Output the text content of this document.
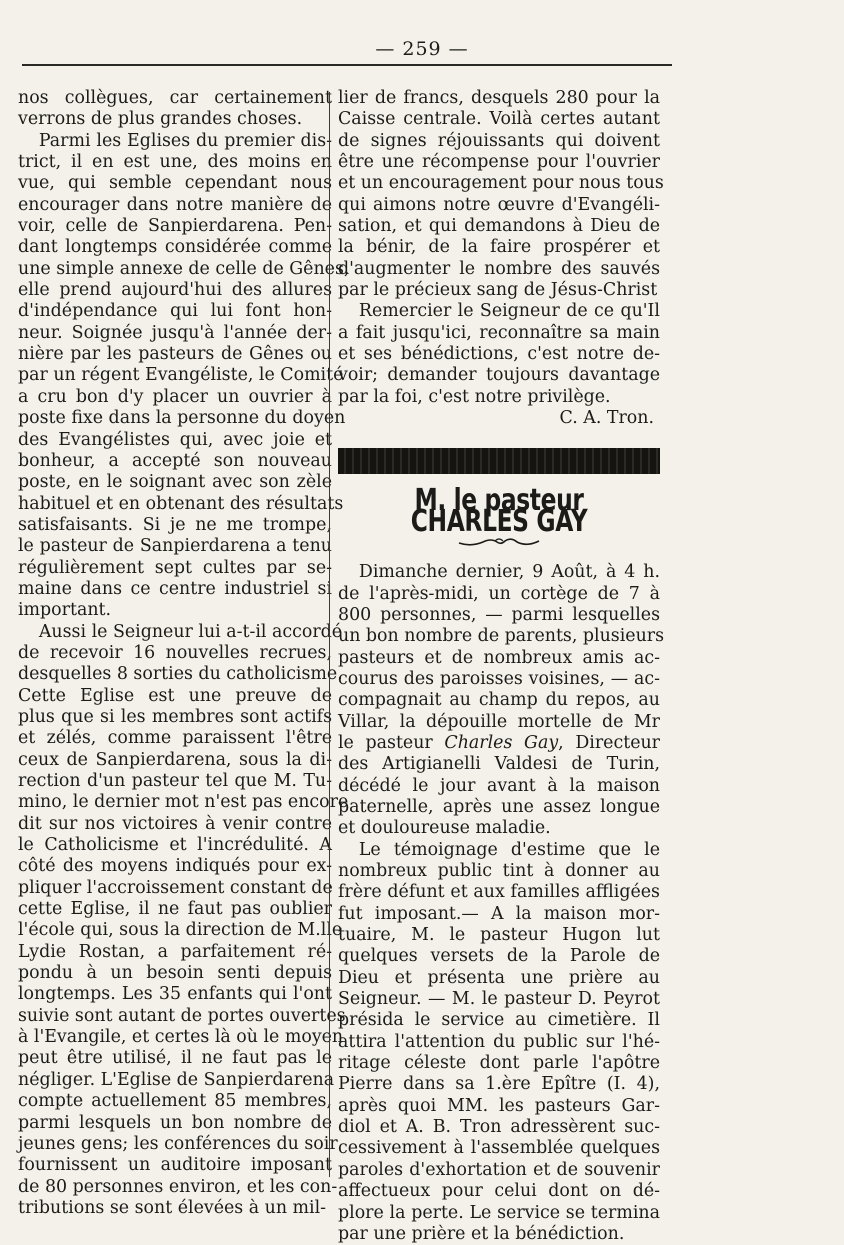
— 259 —
nos collègues, car certainement
verrons de plus grandes choses.
Parmi les Eglises du premier dis-
trict, il en est une, des moins en
vue, qui semble cependant nous
encourager dans notre manière de
voir, celle de Sanpierdarena. Pen-
dant longtemps considérée comme
une simple annexe de celle de Gênes,
elle prend aujourd'hui des allures
d'indépendance qui lui font hon-
neur. Soignée jusqu'à l'année der-
nière par les pasteurs de Gênes ou
par un régent Evangéliste, le Comité
a cru bon d'y placer un ouvrier à
poste fixe dans la personne du doyen
des Evangélistes qui, avec joie et
bonheur, a accepté son nouveau
poste, en le soignant avec son zèle
habituel et en obtenant des résultats
satisfaisants. Si je ne me trompe,
le pasteur de Sanpierdarena a tenu
régulièrement sept cultes par se-
maine dans ce centre industriel si
important.
Aussi le Seigneur lui a-t-il accordé
de recevoir 16 nouvelles recrues,
desquelles 8 sorties du catholicisme.
Cette Eglise est une preuve de
plus que si les membres sont actifs
et zélés, comme paraissent l'être
ceux de Sanpierdarena, sous la di-
rection d'un pasteur tel que M. Tu-
mino, le dernier mot n'est pas encore
dit sur nos victoires à venir contre
le Catholicisme et l'incrédulité. A
côté des moyens indiqués pour ex-
pliquer l'accroissement constant de
cette Eglise, il ne faut pas oublier
l'école qui, sous la direction de M.lle
Lydie Rostan, a parfaitement ré-
pondu à un besoin senti depuis
longtemps. Les 35 enfants qui l'ont
suivie sont autant de portes ouvertes
à l'Evangile, et certes là où le moyen
peut être utilisé, il ne faut pas le
négliger. L'Eglise de Sanpierdarena
compte actuellement 85 membres,
parmi lesquels un bon nombre de
jeunes gens; les conférences du soir
fournissent un auditoire imposant
de 80 personnes environ, et les con-
tributions se sont élevées à un mil-
lier de francs, desquels 280 pour la
Caisse centrale. Voilà certes autant
de signes réjouissants qui doivent
être une récompense pour l'ouvrier
et un encouragement pour nous tous
qui aimons notre œuvre d'Evangéli-
sation, et qui demandons à Dieu de
la bénir, de la faire prospérer et
d'augmenter le nombre des sauvés
par le précieux sang de Jésus-Christ
Remercier le Seigneur de ce qu'Il
a fait jusqu'ici, reconnaître sa main
et ses bénédictions, c'est notre de-
voir; demander toujours davantage
par la foi, c'est notre privilège.
C. A. Tron.
M. le pasteur CHARLES GAY
Dimanche dernier, 9 Août, à 4 h.
de l'après-midi, un cortège de 7 à
800 personnes, — parmi lesquelles
un bon nombre de parents, plusieurs
pasteurs et de nombreux amis ac-
courus des paroisses voisines, — ac-
compagnait au champ du repos, au
Villar, la dépouille mortelle de Mr
le pasteur Charles Gay, Directeur
des Artigianelli Valdesi de Turin,
décédé le jour avant à la maison
paternelle, après une assez longue
et douloureuse maladie.
Le témoignage d'estime que le
nombreux public tint à donner au
frère défunt et aux familles affligées
fut imposant.— A la maison mor-
tuaire, M. le pasteur Hugon lut
quelques versets de la Parole de
Dieu et présenta une prière au
Seigneur. — M. le pasteur D. Peyrot
présida le service au cimetière. Il
attira l'attention du public sur l'hé-
ritage céleste dont parle l'apôtre
Pierre dans sa 1.ère Epître (I. 4),
après quoi MM. les pasteurs Gar-
diol et A. B. Tron adressèrent suc-
cessivement à l'assemblée quelques
paroles d'exhortation et de souvenir
affectueux pour celui dont on dé-
plore la perte. Le service se termina
par une prière et la bénédiction.
